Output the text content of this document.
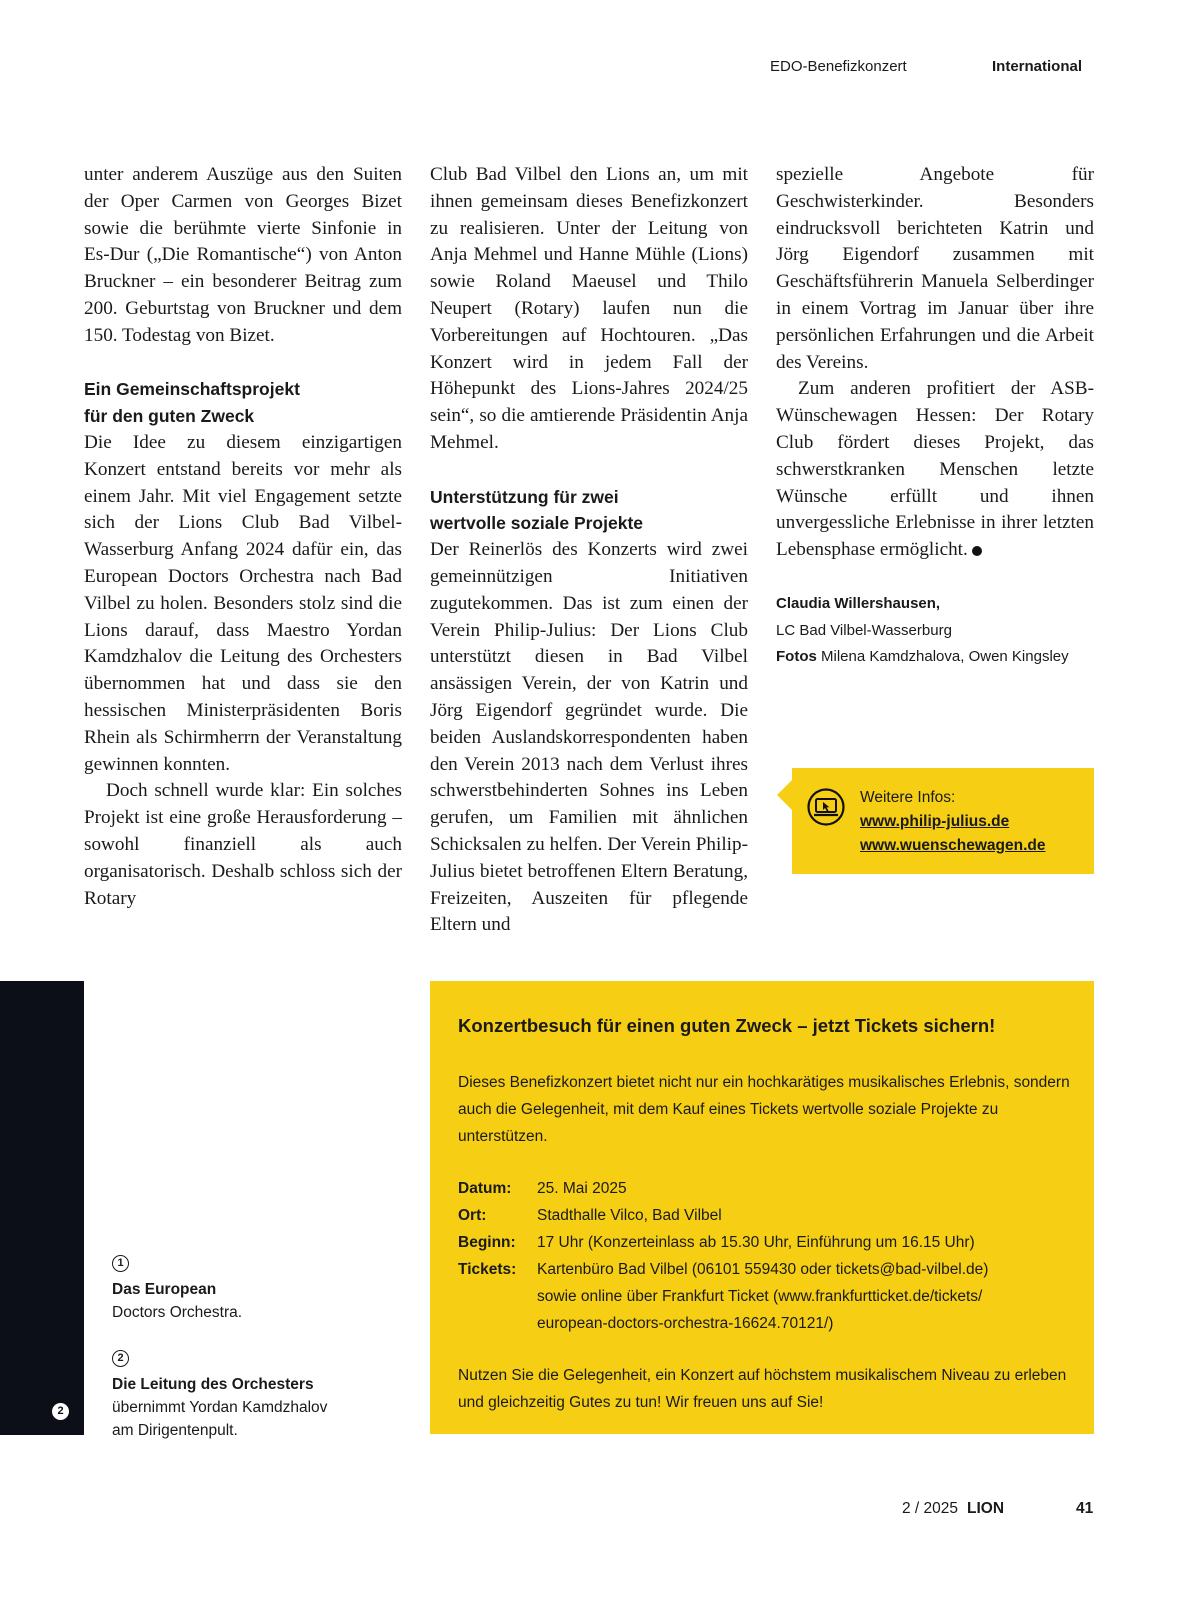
EDO-Benefizkonzert	International

unter anderem Auszüge aus den Suiten der Oper Carmen von Georges Bizet sowie die berühmte vierte Sinfonie in Es-Dur („Die Romantische“) von Anton Bruckner – ein besonderer Beitrag zum 200. Geburtstag von Bruckner und dem 150. Todestag von Bizet.

Ein Gemeinschaftsprojekt
für den guten Zweck

Die Idee zu diesem einzigartigen Konzert entstand bereits vor mehr als einem Jahr. Mit viel Engagement setzte sich der Lions Club Bad Vilbel-Wasserburg Anfang 2024 dafür ein, das European Doctors Orchestra nach Bad Vilbel zu holen. Besonders stolz sind die Lions darauf, dass Maestro Yordan Kamdzhalov die Leitung des Orchesters übernommen hat und dass sie den hessischen Ministerpräsidenten Boris Rhein als Schirmherrn der Veranstaltung gewinnen konnten.

Doch schnell wurde klar: Ein solches Projekt ist eine große Herausforderung – sowohl finanziell als auch organisatorisch. Deshalb schloss sich der Rotary

Club Bad Vilbel den Lions an, um mit ihnen gemeinsam dieses Benefizkonzert zu realisieren. Unter der Leitung von Anja Mehmel und Hanne Mühle (Lions) sowie Roland Maeusel und Thilo Neupert (Rotary) laufen nun die Vorbereitungen auf Hochtouren. „Das Konzert wird in jedem Fall der Höhepunkt des Lions-Jahres 2024/25 sein“, so die amtierende Präsidentin Anja Mehmel.

Unterstützung für zwei
wertvolle soziale Projekte

Der Reinerlös des Konzerts wird zwei gemeinnützigen Initiativen zugutekommen. Das ist zum einen der Verein Philip-Julius: Der Lions Club unterstützt diesen in Bad Vilbel ansässigen Verein, der von Katrin und Jörg Eigendorf gegründet wurde. Die beiden Auslandskorrespondenten haben den Verein 2013 nach dem Verlust ihres schwerstbehinderten Sohnes ins Leben gerufen, um Familien mit ähnlichen Schicksalen zu helfen. Der Verein Philip-Julius bietet betroffenen Eltern Beratung, Freizeiten, Auszeiten für pflegende Eltern und

spezielle Angebote für Geschwisterkinder. Besonders eindrucksvoll berichteten Katrin und Jörg Eigendorf zusammen mit Geschäftsführerin Manuela Selberdinger in einem Vortrag im Januar über ihre persönlichen Erfahrungen und die Arbeit des Vereins.

Zum anderen profitiert der ASB-Wünschewagen Hessen: Der Rotary Club fördert dieses Projekt, das schwerstkranken Menschen letzte Wünsche erfüllt und ihnen unvergessliche Erlebnisse in ihrer letzten Lebensphase ermöglicht.

Claudia Willershausen,
LC Bad Vilbel-Wasserburg
Fotos Milena Kamdzhalova, Owen Kingsley
Weitere Infos:
www.philip-julius.de
www.wuenschewagen.de
2
1
Das European
Doctors Orchestra.
2
Die Leitung des Orchesters
übernimmt Yordan Kamdzhalov
am Dirigentenpult.
Konzertbesuch für einen guten Zweck – jetzt Tickets sichern!
Dieses Benefizkonzert bietet nicht nur ein hochkarätiges musikalisches Erlebnis, sondern auch die Gelegenheit, mit dem Kauf eines Tickets wertvolle soziale Projekte zu unterstützen.
Datum: 25. Mai 2025
Ort:	Stadthalle Vilco, Bad Vilbel
Beginn: 17 Uhr (Konzerteinlass ab 15.30 Uhr, Einführung um 16.15 Uhr)
Tickets: Kartenbüro Bad Vilbel (06101 559430 oder tickets@bad-vilbel.de)
sowie online über Frankfurt Ticket (www.frankfurtticket.de/tickets/
european-doctors-orchestra-16624.70121/)
Nutzen Sie die Gelegenheit, ein Konzert auf höchstem musikalischem Niveau zu erleben und gleichzeitig Gutes zu tun! Wir freuen uns auf Sie!
2 / 2025 LION	41
